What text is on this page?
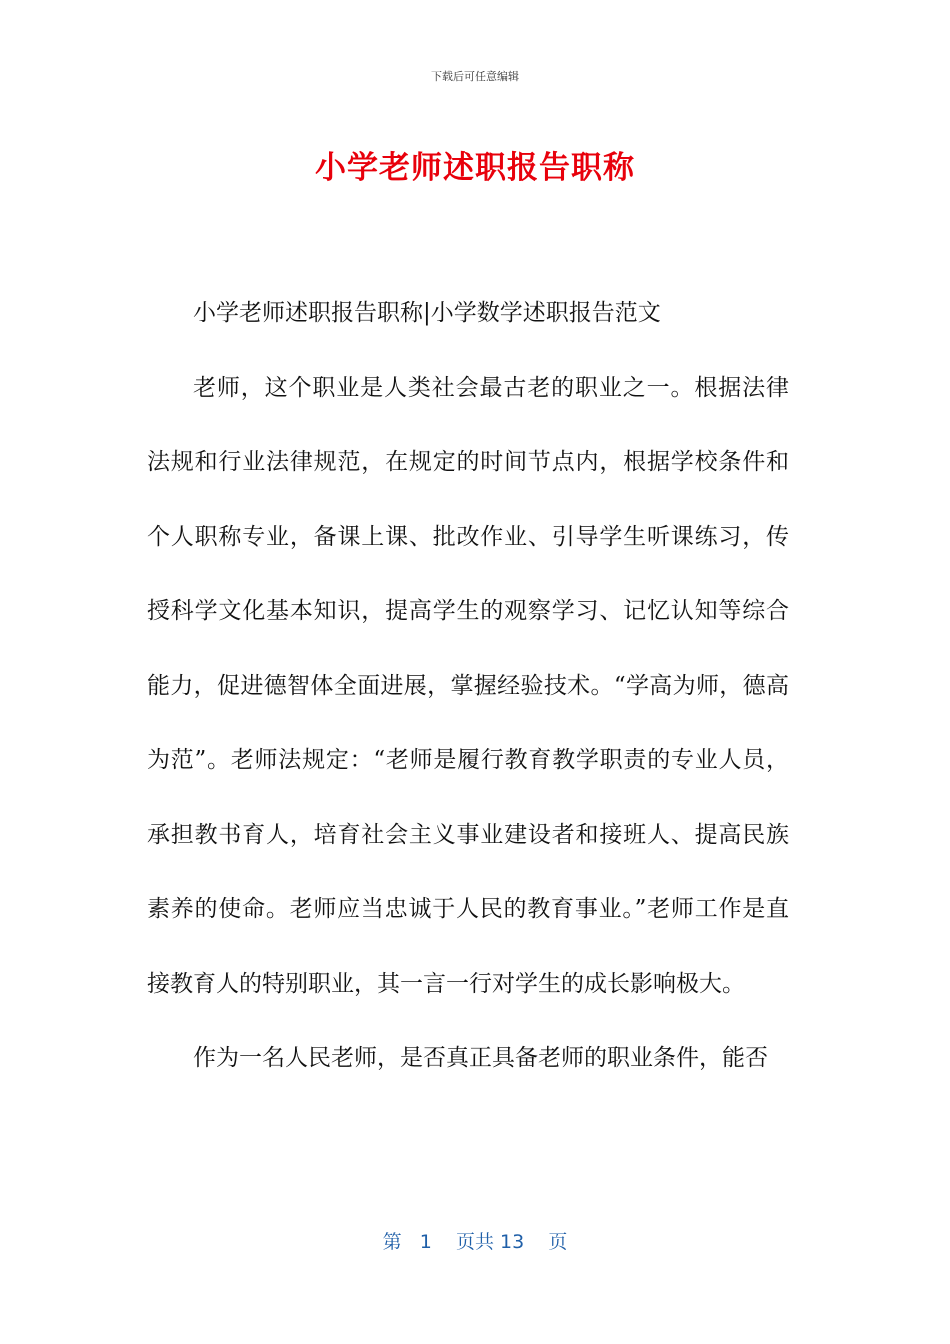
下载后可任意编辑
小学老师述职报告职称

小学老师述职报告职称|小学数学述职报告范文

老师，这个职业是人类社会最古老的职业之一。根据法律法规和行业法律规范，在规定的时间节点内，根据学校条件和个人职称专业，备课上课、批改作业、引导学生听课练习，传授科学文化基本知识，提高学生的观察学习、记忆认知等综合能力，促进德智体全面进展，掌握经验技术。“学高为师，德高为范”。老师法规定：“老师是履行教育教学职责的专业人员，承担教书育人，培育社会主义事业建设者和接班人、提高民族素养的使命。老师应当忠诚于人民的教育事业。”老师工作是直接教育人的特别职业，其一言一行对学生的成长影响极大。

作为一名人民老师，是否真正具备老师的职业条件，能否

第 1 页共 13 页
